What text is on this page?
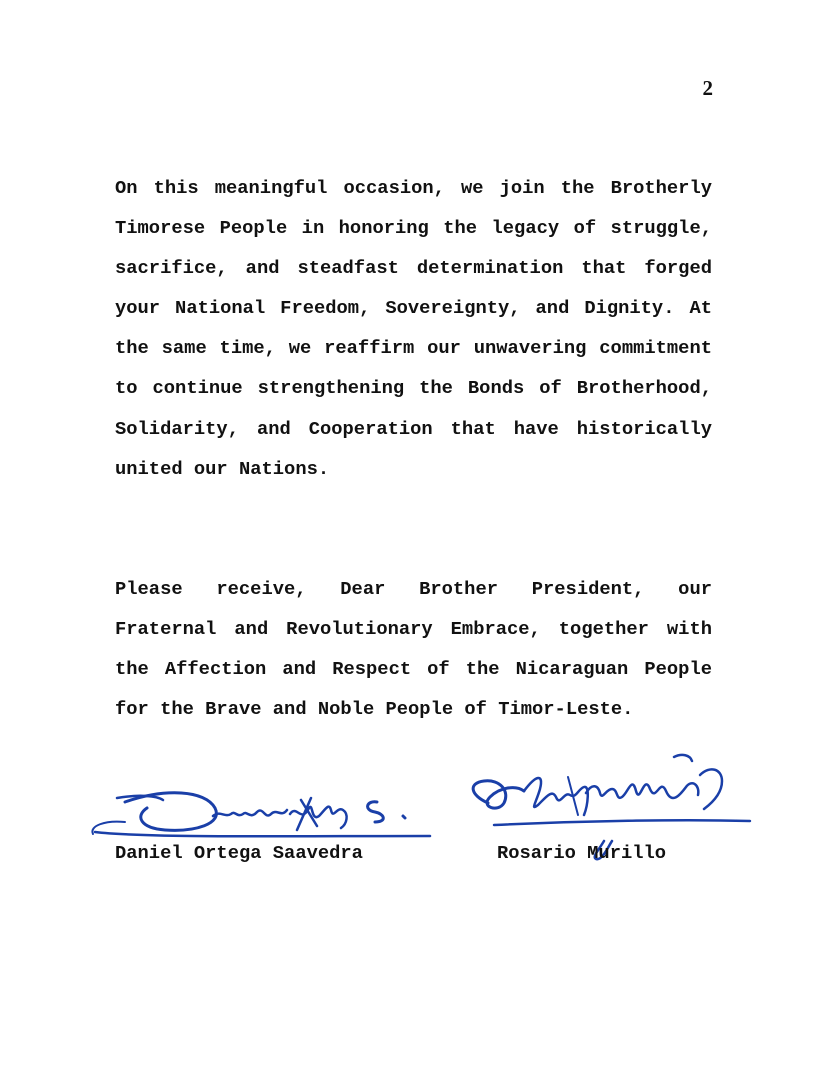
2

On this meaningful occasion, we join the Brotherly Timorese People in honoring the legacy of struggle, sacrifice, and steadfast determination that forged your National Freedom, Sovereignty, and Dignity. At the same time, we reaffirm our unwavering commitment to continue strengthening the Bonds of Brotherhood, Solidarity, and Cooperation that have historically united our Nations.

Please receive, Dear Brother President, our Fraternal and Revolutionary Embrace, together with the Affection and Respect of the Nicaraguan People for the Brave and Noble People of Timor-Leste.

Daniel Ortega Saavedra	Rosario Murillo
